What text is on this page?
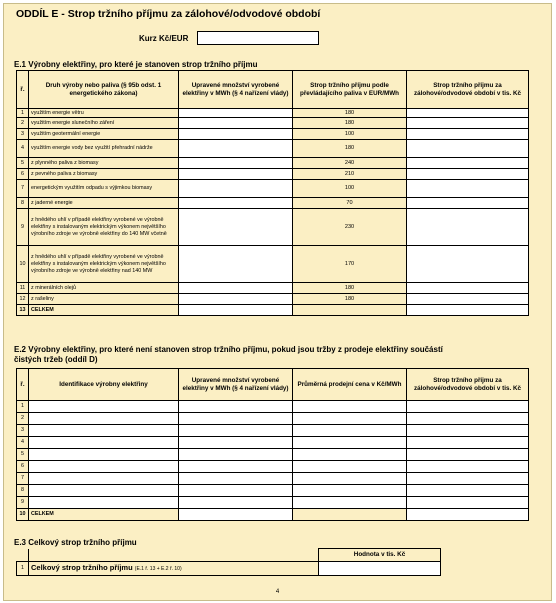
ODDÍL E - Strop tržního příjmu za zálohové/odvodové období
Kurz Kč/EUR
E.1 Výrobny elektřiny, pro které je stanoven strop tržního příjmu
ř.	Druh výroby nebo paliva (§ 95b odst. 1 energetického zákona)	Upravené množství vyrobené elektřiny v MWh (§ 4 nařízení vlády)	Strop tržního příjmu podle převládajícího paliva v EUR/MWh	Strop tržního příjmu za zálohové/odvodové období v tis. Kč
1	využitím energie větru		180	
2	využitím energie slunečního záření		180	
3	využitím geotermální energie		100	
4	využitím energie vody bez využití přehradní nádrže		180	
5	z plynného paliva z biomasy		240	
6	z pevného paliva z biomasy		210	
7	energetickým využitím odpadu s výjimkou biomasy		100	
8	z jaderné energie		70	
9	z hnědého uhlí v případě elektřiny vyrobené ve výrobně elektřiny s instalovaným elektrickým výkonem největšího výrobního zdroje ve výrobně elektřiny do 140 MW včetně		230	
10	z hnědého uhlí v případě elektřiny vyrobené ve výrobně elektřiny s instalovaným elektrickým výkonem největšího výrobního zdroje ve výrobně elektřiny nad 140 MW		170	
11	z minerálních olejů		180	
12	z rašeliny		180	
13	CELKEM			
E.2 Výrobny elektřiny, pro které není stanoven strop tržního příjmu, pokud jsou tržby z prodeje elektřiny součástí
čistých tržeb (oddíl D)
ř.	Identifikace výrobny elektřiny	Upravené množství vyrobené elektřiny v MWh (§ 4 nařízení vlády)	Průměrná prodejní cena v Kč/MWh	Strop tržního příjmu za zálohové/odvodové období v tis. Kč
1				
2				
3				
4				
5				
6				
7				
8				
9				
10	CELKEM			
E.3 Celkový strop tržního příjmu
		Hodnota v tis. Kč
1	Celkový strop tržního příjmu (E.1 ř. 13 + E.2 ř. 10)	
4
